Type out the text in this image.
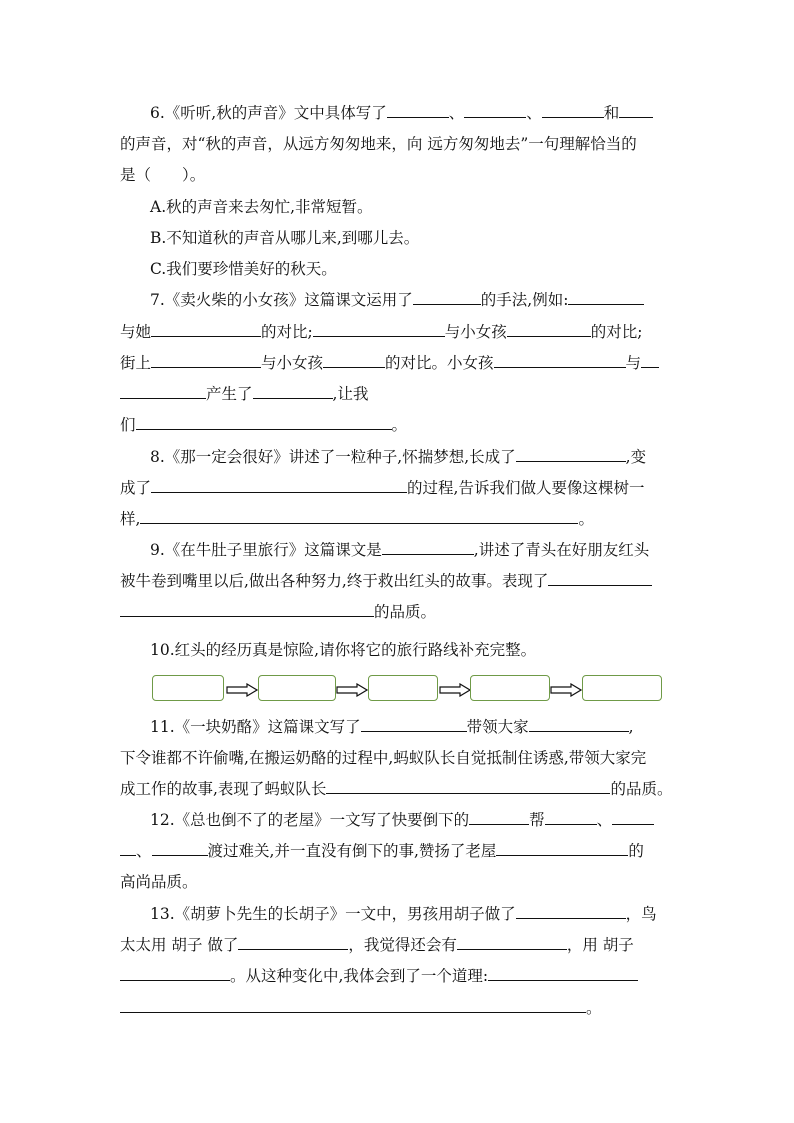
6.《听听,秋的声音》文中具体写了	、	、	和
的声音，对“秋的声音，从远方匆匆地来，向 远方匆匆地去”一句理解恰当的
是（　　）。
A.秋的声音来去匆忙,非常短暂。
B.不知道秋的声音从哪儿来,到哪儿去。
C.我们要珍惜美好的秋天。
7.《卖火柴的小女孩》这篇课文运用了	的手法,例如:
与她	的对比;	与小女孩	的对比;
街上	与小女孩	的对比。小女孩	与
产生了	,让我
们	。
8.《那一定会很好》讲述了一粒种子,怀揣梦想,长成了	,变
成了	的过程,告诉我们做人要像这棵树一
样,	。
9.《在牛肚子里旅行》这篇课文是	,讲述了青头在好朋友红头
被牛卷到嘴里以后,做出各种努力,终于救出红头的故事。表现了
的品质。
10.红头的经历真是惊险,请你将它的旅行路线补充完整。
11.《一块奶酪》这篇课文写了	带领大家	,
下令谁都不许偷嘴,在搬运奶酪的过程中,蚂蚁队长自觉抵制住诱惑,带领大家完
成工作的故事,表现了蚂蚁队长	的品质。
12.《总也倒不了的老屋》一文写了快要倒下的	帮	、
、	渡过难关,并一直没有倒下的事,赞扬了老屋	的
高尚品质。
13.《胡萝卜先生的长胡子》一文中，男孩用胡子做了	，鸟
太太用 胡子 做了	，我觉得还会有	，用 胡子
。从这种变化中,我体会到了一个道理:
。
